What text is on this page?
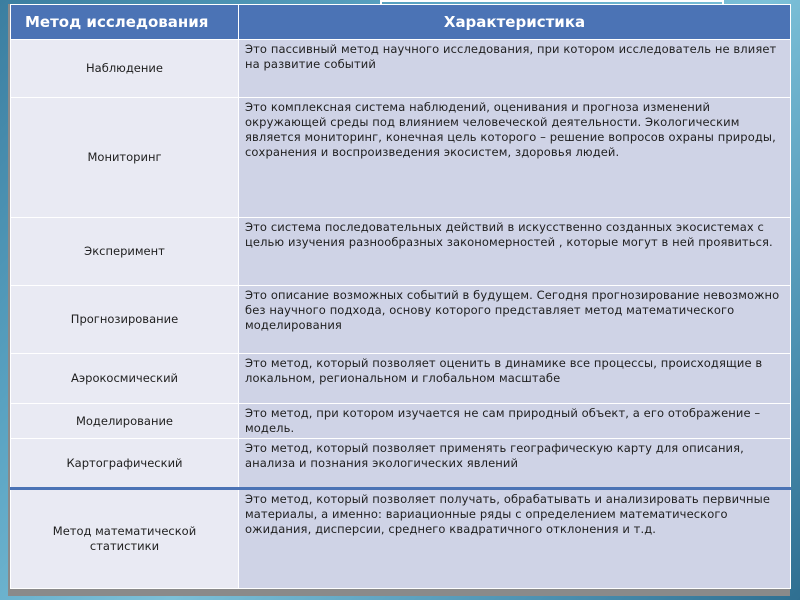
Метод исследования	Характеристика
Наблюдение	Это пассивный метод научного исследования, при котором исследователь не влияет на развитие событий
Мониторинг	Это комплексная система наблюдений, оценивания и прогноза изменений окружающей среды под влиянием человеческой деятельности. Экологическим является мониторинг, конечная цель которого – решение вопросов охраны природы, сохранения и воспроизведения экосистем, здоровья людей.
Эксперимент	Это система последовательных действий в искусственно созданных экосистемах с целью изучения разнообразных закономерностей , которые могут в ней проявиться.
Прогнозирование	Это описание возможных событий в будущем. Сегодня прогнозирование невозможно без научного подхода, основу которого представляет метод математического моделирования
Аэрокосмический	Это метод, который позволяет оценить в динамике все процессы, происходящие в локальном, региональном и глобальном масштабе
Моделирование	Это метод, при котором изучается не сам природный объект, а его отображение – модель.
Картографический	Это метод, который позволяет применять географическую карту для описания, анализа и познания экологических явлений
Метод математической статистики	Это метод, который позволяет получать, обрабатывать и анализировать первичные материалы, а именно: вариационные ряды с определением математического ожидания, дисперсии, среднего квадратичного отклонения и т.д.
